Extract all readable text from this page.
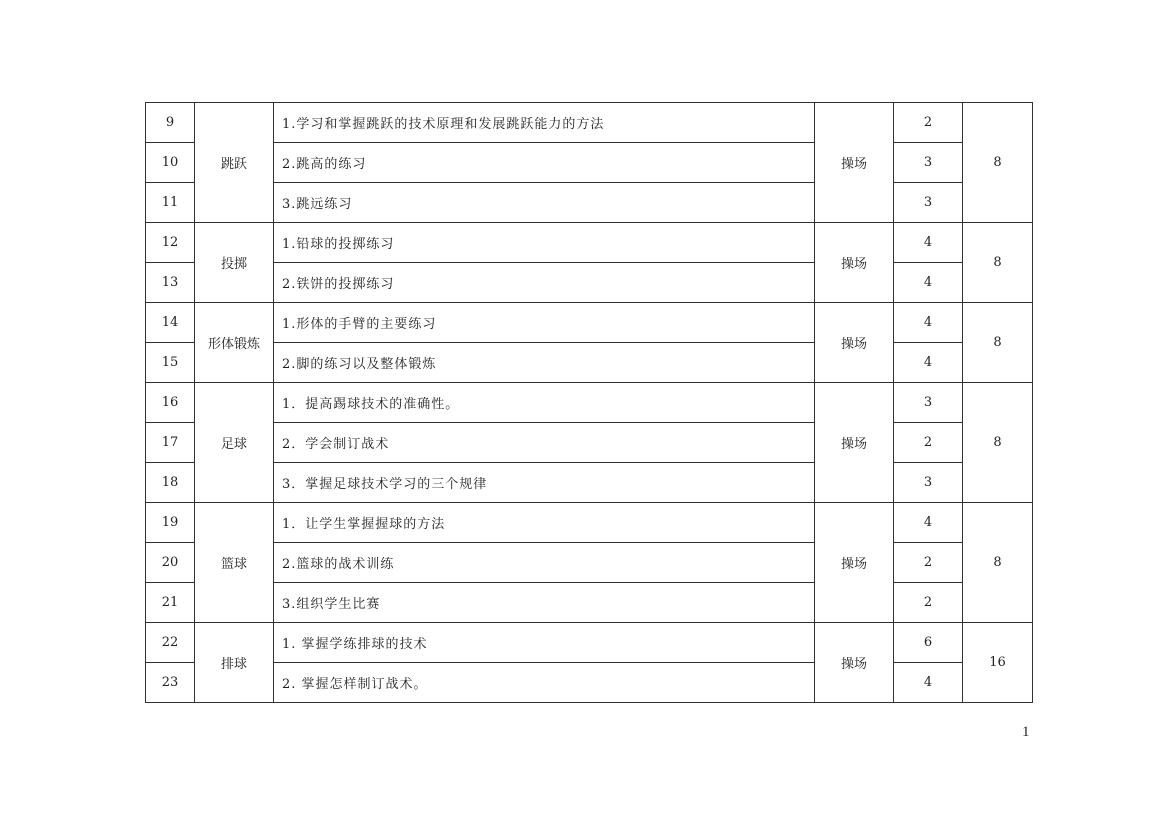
9	跳跃	1.学习和掌握跳跃的技术原理和发展跳跃能力的方法	操场	2	8
10		2.跳高的练习		3	
11		3.跳远练习		3	
12	投掷	1.铅球的投掷练习	操场	4	8
13		2.铁饼的投掷练习		4	
14	形体锻炼	1.形体的手臂的主要练习	操场	4	8
15		2.脚的练习以及整体锻炼		4	
16	足球	1．提高踢球技术的准确性。	操场	3	8
17		2．学会制订战术		2	
18		3．掌握足球技术学习的三个规律		3	
19	篮球	1．让学生掌握握球的方法	操场	4	8
20		2.篮球的战术训练		2	
21		3.组织学生比赛		2	
22	排球	1. 掌握学练排球的技术	操场	6	16
23		2. 掌握怎样制订战术。		4	
1
